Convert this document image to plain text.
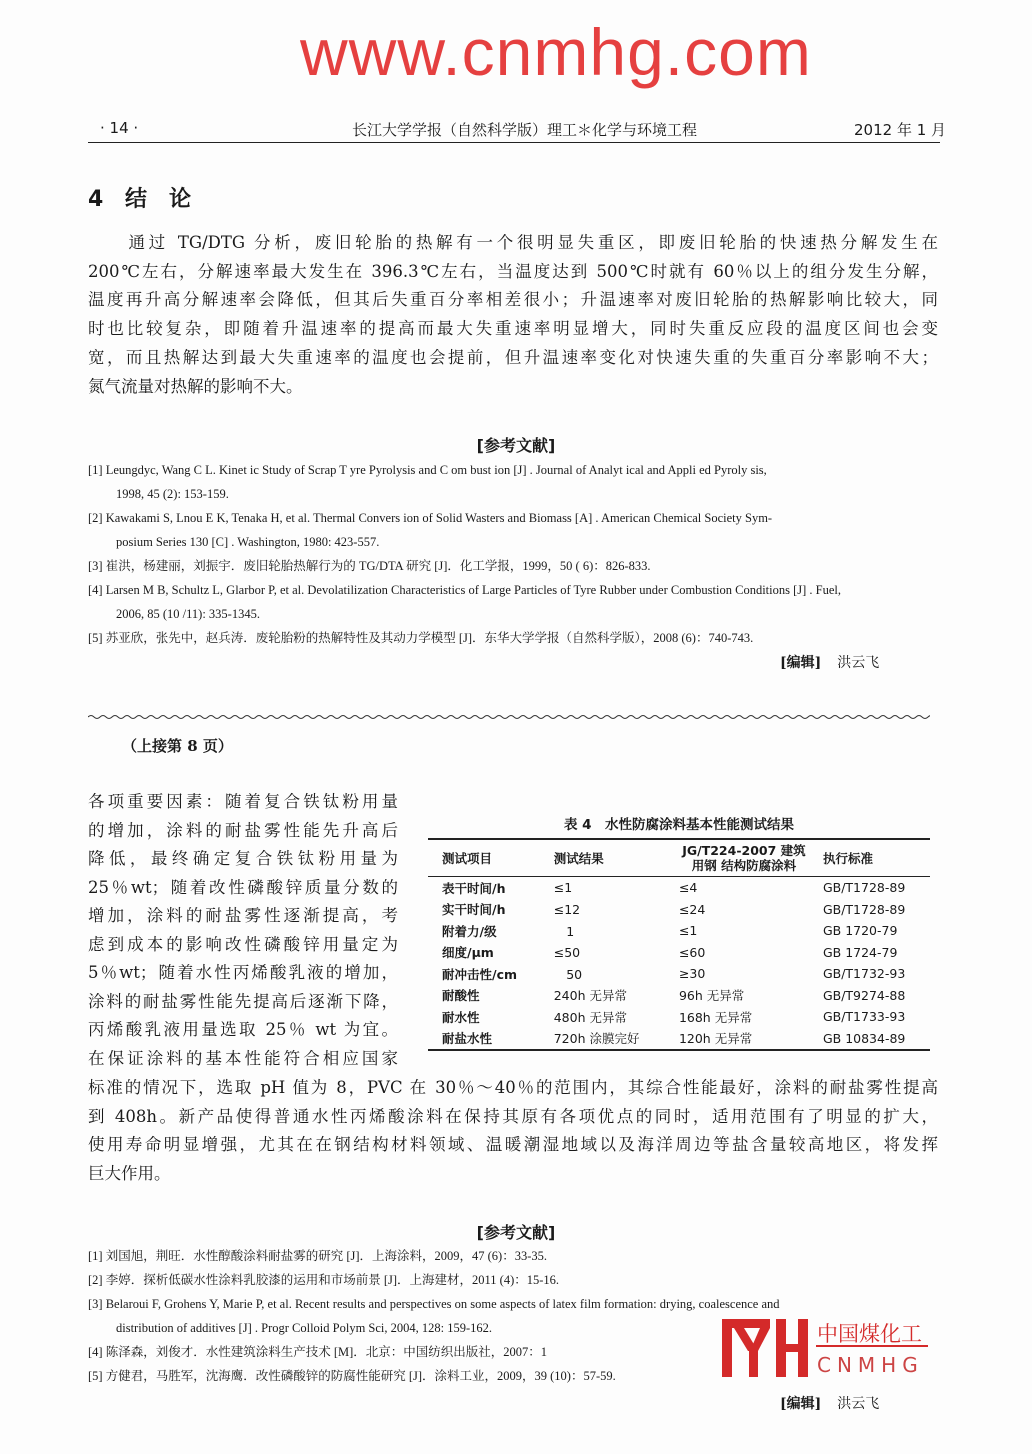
www.cnmhg.com
· 14 ·	长江大学学报（自然科学版）理工＊化学与环境工程	2012 年 1 月
4 结　论
　　通过 TG/DTG 分析，废旧轮胎的热解有一个很明显失重区，即废旧轮胎的快速热分解发生在
200℃左右，分解速率最大发生在 396.3℃左右，当温度达到 500℃时就有 60％以上的组分发生分解，
温度再升高分解速率会降低，但其后失重百分率相差很小；升温速率对废旧轮胎的热解影响比较大，同
时也比较复杂，即随着升温速率的提高而最大失重速率明显增大，同时失重反应段的温度区间也会变
宽，而且热解达到最大失重速率的温度也会提前，但升温速率变化对快速失重的失重百分率影响不大；
氮气流量对热解的影响不大。
[参考文献]
[1] Leungdyc, Wang C L. Kinet ic Study of Scrap T yre Pyrolysis and C om bust ion [J] . Journal of Analyt ical and Appli ed Pyroly sis,
1998, 45 (2): 153-159.
[2] Kawakami S, Lnou E K, Tenaka H, et al. Thermal Convers ion of Solid Wasters and Biomass [A] . American Chemical Society Sym-
posium Series 130 [C] . Washington, 1980: 423-557.
[3] 崔洪，杨建丽，刘振宇．废旧轮胎热解行为的 TG/DTA 研究 [J]．化工学报，1999，50 ( 6)：826-833.
[4] Larsen M B, Schultz L, Glarbor P, et al. Devolatilization Characteristics of Large Particles of Tyre Rubber under Combustion Conditions [J] . Fuel,
2006, 85 (10 /11): 335-1345.
[5] 苏亚欣，张先中，赵兵涛．废轮胎粉的热解特性及其动力学模型 [J]．东华大学学报（自然科学版），2008 (6)：740-743.
[编辑] 洪云飞
（上接第 8 页）
各项重要因素：随着复合铁钛粉用量
的增加，涂料的耐盐雾性能先升高后
降低，最终确定复合铁钛粉用量为
25％wt；随着改性磷酸锌质量分数的
增加，涂料的耐盐雾性逐渐提高，考
虑到成本的影响改性磷酸锌用量定为
5％wt；随着水性丙烯酸乳液的增加，
涂料的耐盐雾性能先提高后逐渐下降，
丙烯酸乳液用量选取 25％ wt 为宜。
在保证涂料的基本性能符合相应国家
表 4　水性防腐涂料基本性能测试结果
测试项目	测试结果	JG/T224-2007 建筑用钢 结构防腐涂料	执行标准
表干时间/h	≤1	≤4	GB/T1728-89
实干时间/h	≤12	≤24	GB/T1728-89
附着力/级	　1	≤1	GB 1720-79
细度/μm	≤50	≤60	GB 1724-79
耐冲击性/cm	　50	≥30	GB/T1732-93
耐酸性	240h 无异常	96h 无异常	GB/T9274-88
耐水性	480h 无异常	168h 无异常	GB/T1733-93
耐盐水性	720h 涂膜完好	120h 无异常	GB 10834-89
标准的情况下，选取 pH 值为 8，PVC 在 30％～40％的范围内，其综合性能最好，涂料的耐盐雾性提高
到 408h。新产品使得普通水性丙烯酸涂料在保持其原有各项优点的同时，适用范围有了明显的扩大，
使用寿命明显增强，尤其在在钢结构材料领域、温暖潮湿地域以及海洋周边等盐含量较高地区，将发挥
巨大作用。
[参考文献]
[1] 刘国旭，荆旺．水性醇酸涂料耐盐雾的研究 [J]．上海涂料，2009，47 (6)：33-35.
[2] 李婷．探析低碳水性涂料乳胶漆的运用和市场前景 [J]．上海建材，2011 (4)：15-16.
[3] Belaroui F, Grohens Y, Marie P, et al. Recent results and perspectives on some aspects of latex film formation: drying, coalescence and
distribution of additives [J] . Progr Colloid Polym Sci, 2004, 128: 159-162.
[4] 陈泽森，刘俊才．水性建筑涂料生产技术 [M]．北京：中国纺织出版社，2007：1
[5] 方健君，马胜军，沈海鹰．改性磷酸锌的防腐性能研究 [J]．涂料工业，2009，39 (10)：57-59.
[编辑] 洪云飞
中国煤化工
CNMHG
